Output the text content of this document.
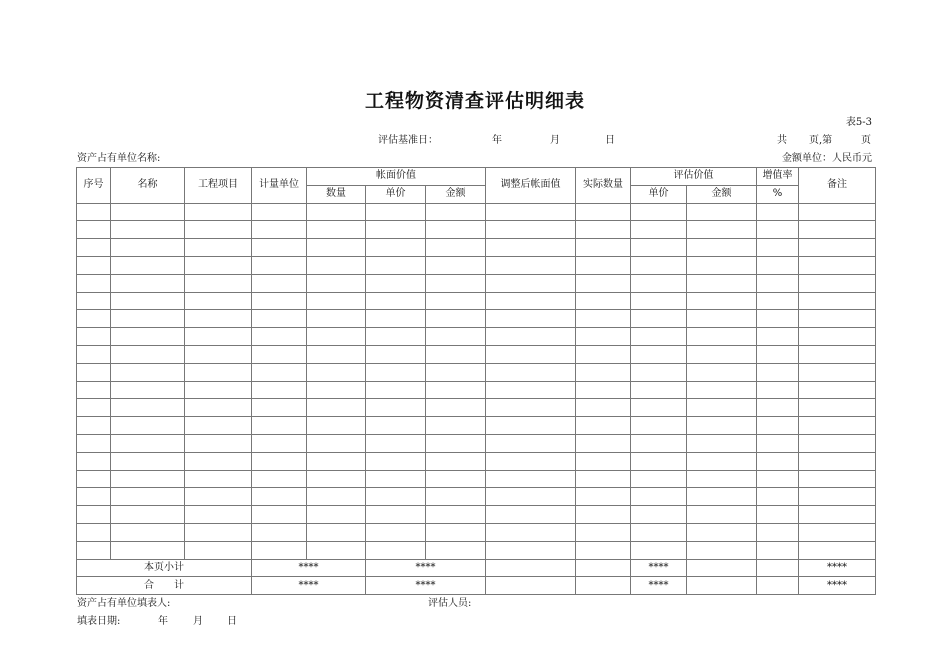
工程物资清查评估明细表
表5-3
评估基准日：	年	月	日	共 页,第	页
资产占有单位名称:	金额单位：人民币元
序号	名称	工程项目	计量单位	帐面价值			调整后帐面值	实际数量	评估价值		增值率	备注
				数量	单价	金额			单价	金额	%	

本页小计			****		****				****			****
合　　计			****		****				****			****
资产占有单位填表人:	评估人员:
填表日期:	年	月 日
